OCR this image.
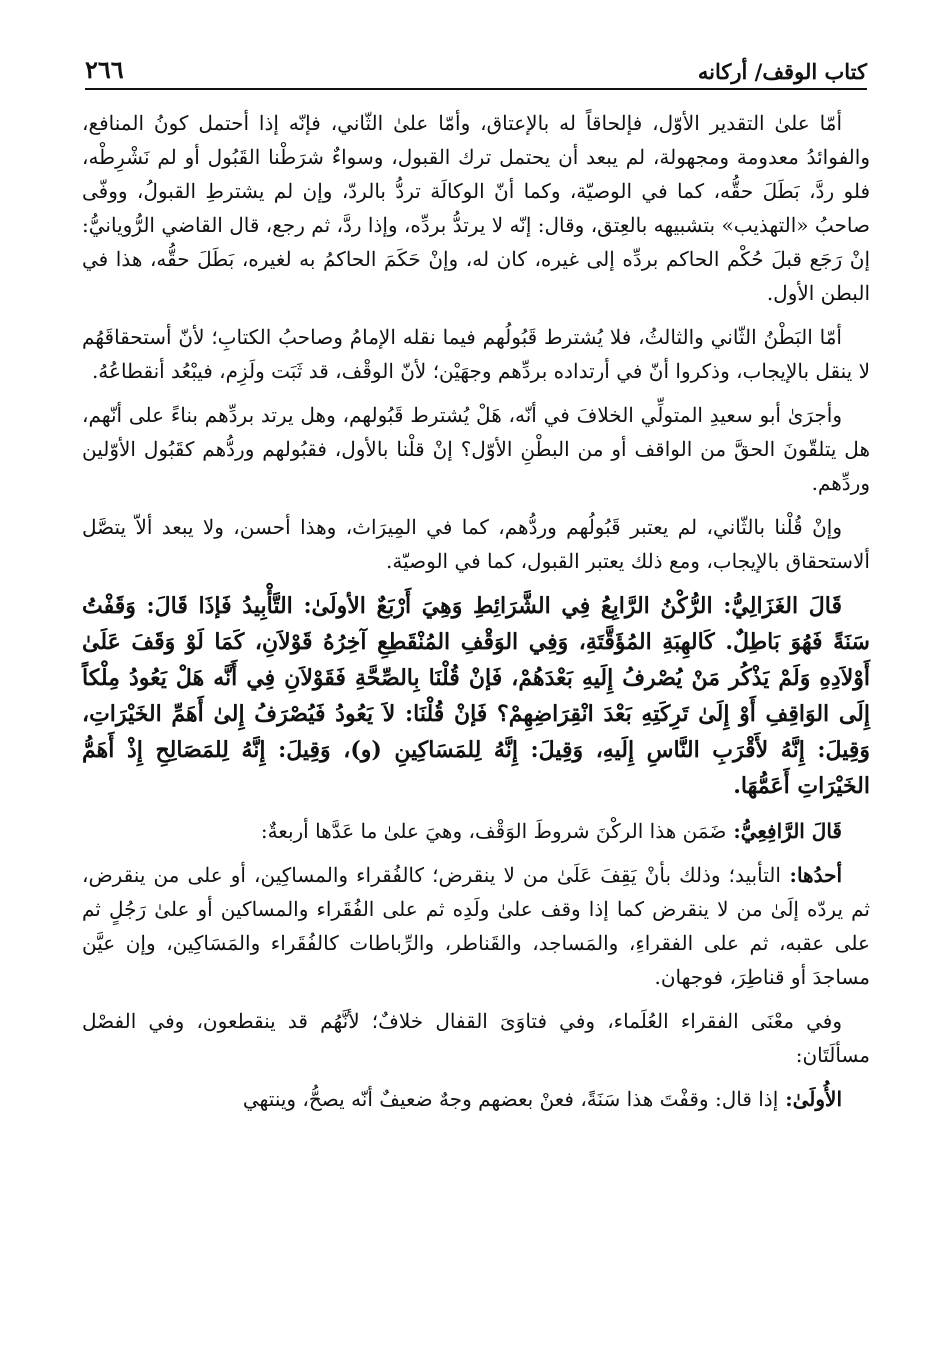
كتاب الوقف/ أركانه
٢٦٦

أمّا علىٰ التقدير الأوّل، فإلحاقاً له بالإعتاق، وأمّا علىٰ الثّاني، فإنّه إذا أحتمل كونُ المنافع، والفوائدُ معدومة ومجهولة، لم يبعد أن يحتمل ترك القبول، وسواءٌ شرَطْنا القَبُول أو لم نَشْرِطْه، فلو ردَّ، بَطَلَ حقُّه، كما في الوصيّة، وكما أنّ الوكالَة تردُّ بالردّ، وإن لم يشترطِ القبولُ، ووفّى صاحبُ «التهذيب» بتشبيهه بالعِتق، وقال: إنّه لا يرتدُّ بردِّه، وإذا ردَّ، ثم رجع، قال القاضي الرُّويانيُّ: إنْ رَجَع قبلَ حُكْم الحاكم بردِّه إلى غيره، كان له، وإنْ حَكَمَ الحاكمُ به لغيره، بَطَلَ حقُّه، هذا في البطن الأول.

أمّا البَطْنُ الثّاني والثالثُ، فلا يُشترط قَبُولُهم فيما نقله الإمامُ وصاحبُ الكتابِ؛ لأنّ أستحقاقَهُم لا ينقل بالإيجاب، وذكروا أنّ في أرتداده بردِّهم وجهَيْن؛ لأنّ الوقْف، قد ثَبَت ولَزِم، فيبْعُد أنقطاعُهُ.

وأجرَىٰ أبو سعيدِ المتولِّي الخلافَ في أنّه، هَلْ يُشترط قَبُولهم، وهل يرتد بردِّهم بناءً على أنّهم، هل يتلقّونَ الحقَّ من الواقف أو من البطْنِ الأوّل؟ إنْ قلْنا بالأول، فقبُولهم وردُّهم كقَبُول الأوّلين وردِّهم.

وإنْ قُلْنا بالثّاني، لم يعتبر قَبُولُهم وردُّهم، كما في المِيرَاث، وهذا أحسن، ولا يبعد ألاّ يتصَّل ألاستحقاق بالإيجاب، ومع ذلك يعتبر القبول، كما في الوصيّة.

قَالَ الغَزَالِيُّ: الرُّكْنُ الرَّابِعُ فِي الشَّرَائِطِ وَهِيَ أَرْبَعٌ الأولَىٰ: التَّأْبِيدُ فَإذَا قَالَ: وَقَفْتُ سَنَةً فَهُوَ بَاطِلٌ. كَالهِبَةِ المُؤَقَّتَةِ، وَفِي الوَقْفِ المُنْقَطِعِ آخِرُهُ قَوْلاَنِ، كَمَا لَوْ وَقَفَ عَلَىٰ أَوْلاَدِهِ وَلَمْ يَذْكُر مَنْ يُصْرفُ إِلَيهِ بَعْدَهُمْ، فَإنْ قُلْنَا بِالصِّحَّةِ فَقَوْلاَنِ فِي أَنَّه هَلْ يَعُودُ مِلْكاً إِلَى الوَاقِفِ أَوْ إِلَىٰ تَرِكَتِهِ بَعْدَ انْقِرَاضِهِمْ؟ فَإنْ قُلْنَا: لاَ يَعُودُ فَيُصْرَفُ إِلىٰ أَهَمِّ الخَيْرَاتِ، وَقِيلَ: إِنَّهُ لأَقْرَبِ النَّاسِ إِلَيهِ، وَقِيلَ: إِنَّهُ لِلمَسَاكِينِ (و)، وَقِيلَ: إِنَّهُ لِلمَصَالِحِ إِذْ أَهَمُّ الخَيْرَاتِ أَعَمُّهَا.

قَالَ الرَّافِعِيُّ: ضَمَن هذا الركْنَ شروطَ الوَقْف، وهيَ علىٰ ما عَدَّها أربعةٌ:

أحدُها: التأبيد؛ وذلك بأنْ يَقِفَ عَلَىٰ من لا ينقرض؛ كالفُقراء والمساكِين، أو على من ينقرض، ثم يردّه إلَىٰ من لا ينقرض كما إذا وقف علىٰ ولَدِه ثم على الفُقَراء والمساكين أو علىٰ رَجُلٍ ثم على عقبه، ثم على الفقراءِ، والمَساجد، والقَناطر، والرِّباطات كالفُقَراء والمَسَاكِين، وإن عيَّن مساجدَ أو قناطِرَ، فوجهان.

وفي معْنَى الفقراء العُلَماء، وفي فتاوَىَ القفال خلافٌ؛ لأنَّهُم قد ينقطعون، وفي الفصْل مسألَتَان:

الأُولَىٰ: إذا قال: وقفْتَ هذا سَنَةً، فعنْ بعضهم وجهٌ ضعيفٌ أنّه يصحُّ، وينتهي
